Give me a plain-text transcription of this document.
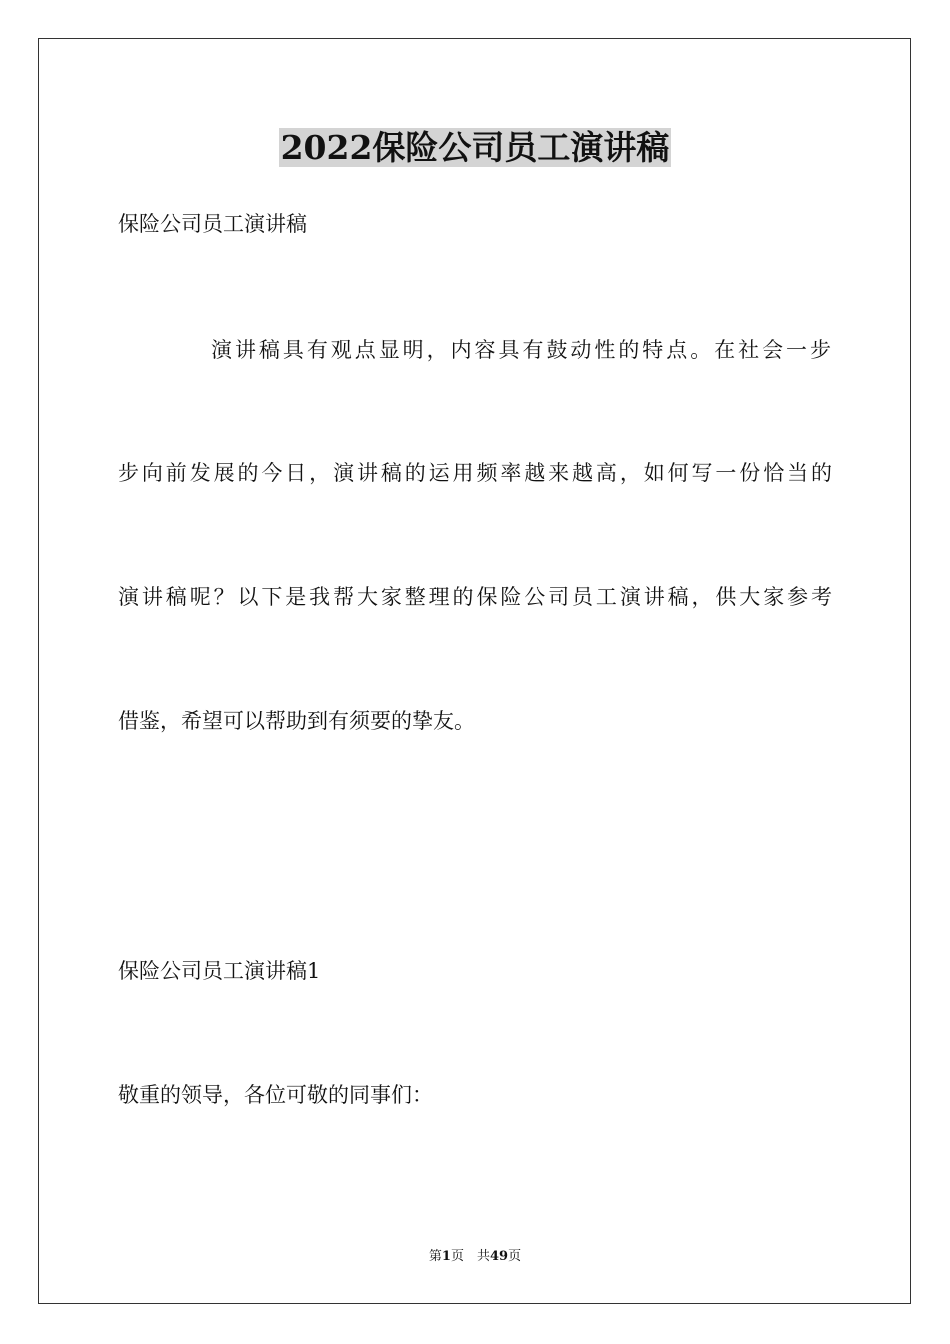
2022保险公司员工演讲稿
保险公司员工演讲稿
演讲稿具有观点显明，内容具有鼓动性的特点。在社会一步
步向前发展的今日，演讲稿的运用频率越来越高，如何写一份恰当的
演讲稿呢？以下是我帮大家整理的保险公司员工演讲稿，供大家参考
借鉴，希望可以帮助到有须要的挚友。
保险公司员工演讲稿1
敬重的领导，各位可敬的同事们：
第1页　共49页
